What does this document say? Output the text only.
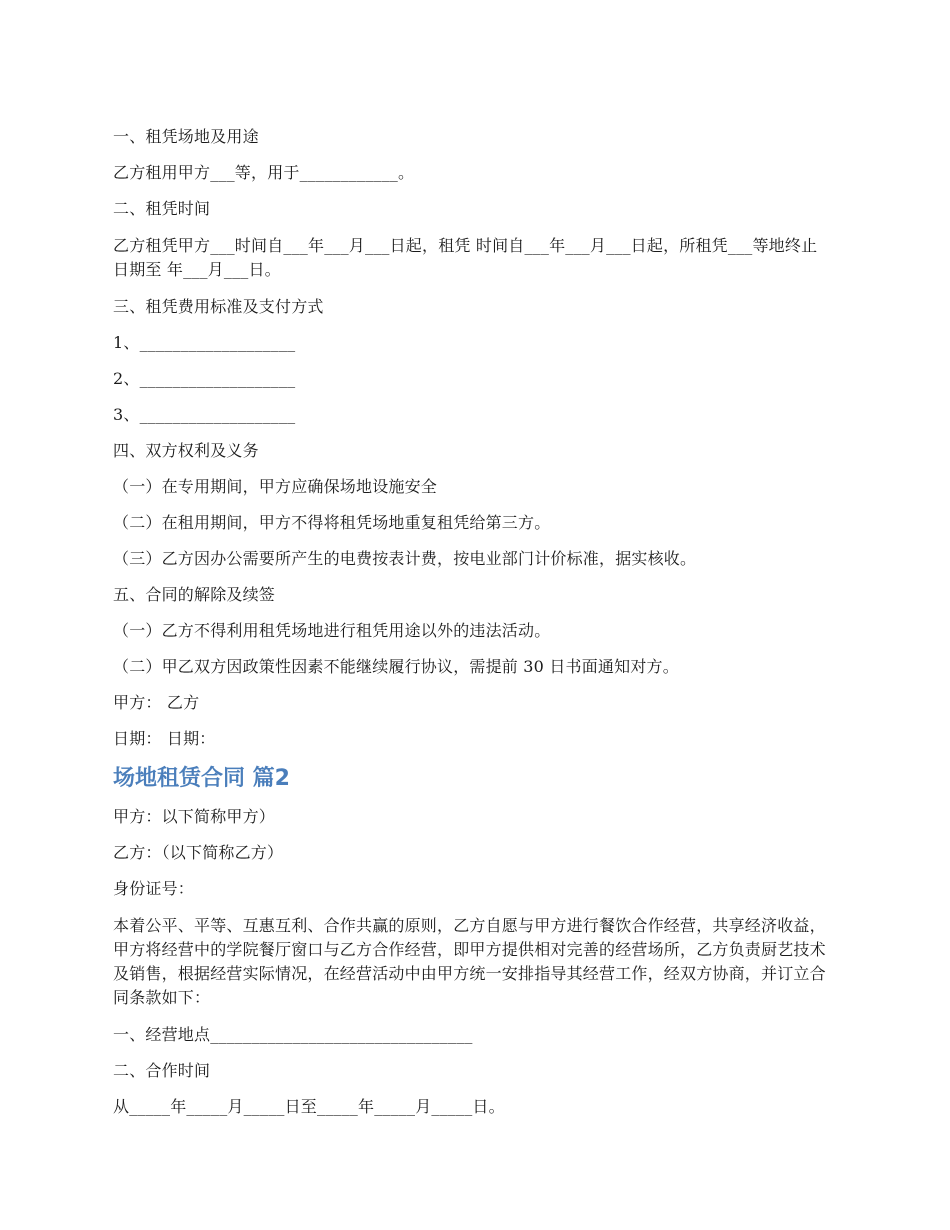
一、租凭场地及用途

乙方租用甲方___等，用于____________。

二、租凭时间

乙方租凭甲方___时间自___年___月___日起，租凭 时间自___年___月___日起，所租凭___等地终止日期至 年___月___日。

三、租凭费用标准及支付方式

1、___________________

2、___________________

3、___________________

四、双方权利及义务

（一）在专用期间，甲方应确保场地设施安全

（二）在租用期间，甲方不得将租凭场地重复租凭给第三方。

（三）乙方因办公需要所产生的电费按表计费，按电业部门计价标准，据实核收。

五、合同的解除及续签

（一）乙方不得利用租凭场地进行租凭用途以外的违法活动。

（二）甲乙双方因政策性因素不能继续履行协议，需提前 30 日书面通知对方。

甲方： 乙方

日期： 日期：

场地租赁合同 篇2

甲方：以下简称甲方）

乙方：（以下简称乙方）

身份证号：

本着公平、平等、互惠互利、合作共赢的原则，乙方自愿与甲方进行餐饮合作经营，共享经济收益，甲方将经营中的学院餐厅窗口与乙方合作经营，即甲方提供相对完善的经营场所，乙方负责厨艺技术及销售，根据经营实际情况，在经营活动中由甲方统一安排指导其经营工作，经双方协商，并订立合同条款如下：

一、经营地点________________________________

二、合作时间

从_____年_____月_____日至_____年_____月_____日。
